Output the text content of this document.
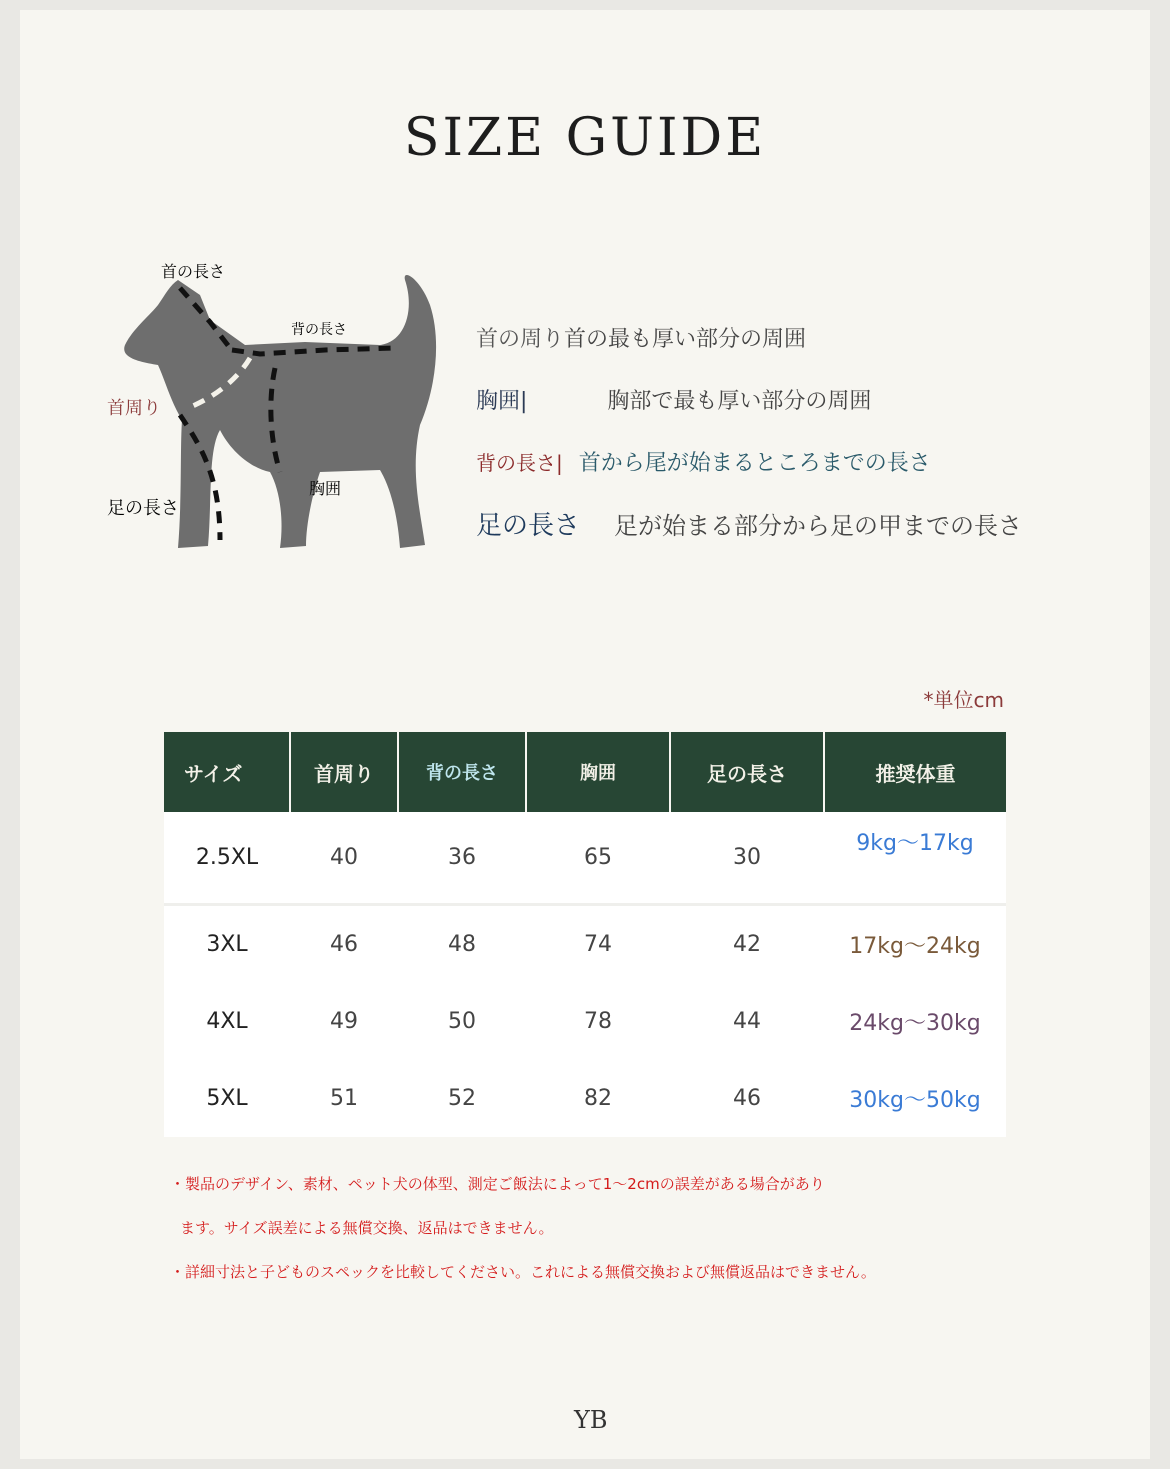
SIZE GUIDE
首の長さ
背の長さ
首周り
胸囲
足の長さ
首の周り 首の最も厚い部分の周囲
胸囲|	胸部で最も厚い部分の周囲
背の長さ| 首から尾が始まるところまでの長さ
足の長さ 足が始まる部分から足の甲までの長さ
*単位cm
サイズ	首周り	背の長さ	胸囲	足の長さ	推奨体重
2.5XL	40	36	65	30	9kg～17kg
3XL	46	48	74	42	17kg～24kg
4XL	49	50	78	44	24kg～30kg
5XL	51	52	82	46	30kg～50kg

・製品のデザイン、素材、ペット犬の体型、測定ご飯法によって1～2cmの誤差がある場合があり

ます。サイズ誤差による無償交換、返品はできません。

・詳細寸法と子どものスペックを比較してください。これによる無償交換および無償返品はできません。

YB
